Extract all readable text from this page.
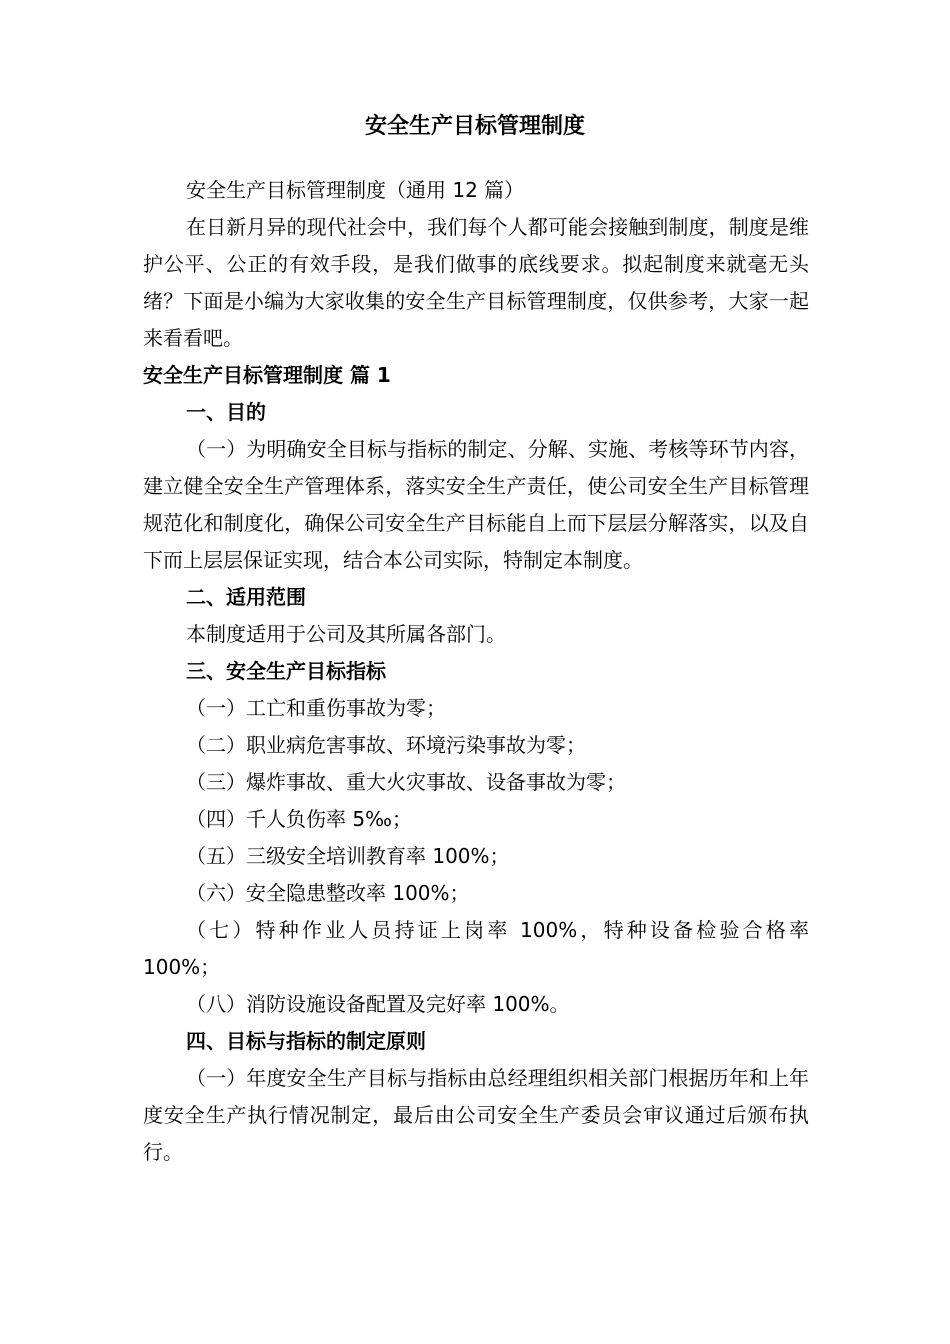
安全生产目标管理制度

安全生产目标管理制度（通用 12 篇）

在日新月异的现代社会中，我们每个人都可能会接触到制度，制度是维护公平、公正的有效手段，是我们做事的底线要求。拟起制度来就毫无头绪？下面是小编为大家收集的安全生产目标管理制度，仅供参考，大家一起来看看吧。

安全生产目标管理制度 篇 1

一、目的

（一）为明确安全目标与指标的制定、分解、实施、考核等环节内容，建立健全安全生产管理体系，落实安全生产责任，使公司安全生产目标管理规范化和制度化，确保公司安全生产目标能自上而下层层分解落实，以及自下而上层层保证实现，结合本公司实际，特制定本制度。

二、适用范围

本制度适用于公司及其所属各部门。

三、安全生产目标指标

（一）工亡和重伤事故为零；

（二）职业病危害事故、环境污染事故为零；

（三）爆炸事故、重大火灾事故、设备事故为零；

（四）千人负伤率 5‰；

（五）三级安全培训教育率 100%；

（六）安全隐患整改率 100%；

（七）特种作业人员持证上岗率 100%，特种设备检验合格率 100%；

（八）消防设施设备配置及完好率 100%。

四、目标与指标的制定原则

（一）年度安全生产目标与指标由总经理组织相关部门根据历年和上年度安全生产执行情况制定，最后由公司安全生产委员会审议通过后颁布执行。
